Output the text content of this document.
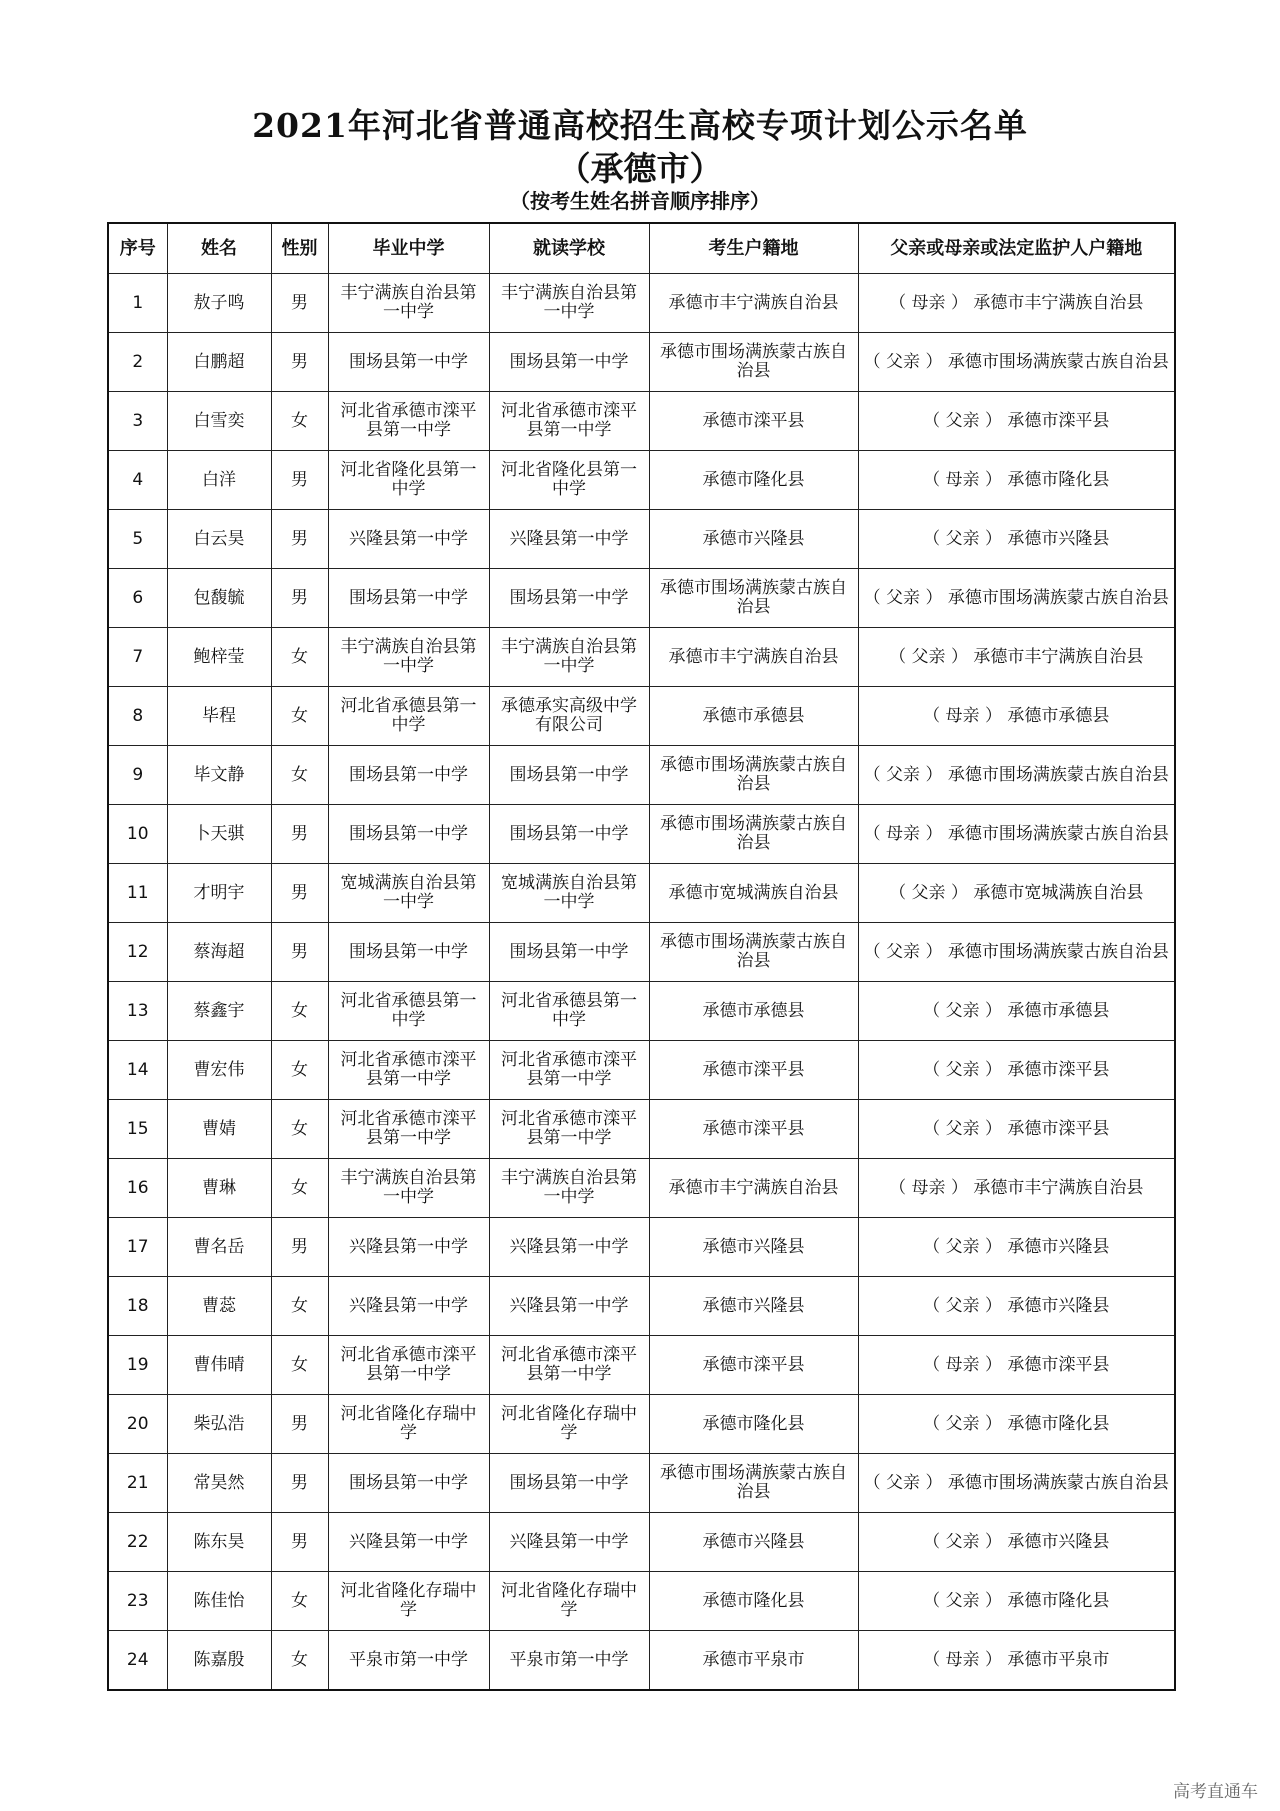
2021年河北省普通高校招生高校专项计划公示名单
（承德市）
（按考生姓名拼音顺序排序）
序号	姓名	性别	毕业中学	就读学校	考生户籍地	父亲或母亲或法定监护人户籍地
1	敖子鸣	男	丰宁满族自治县第一中学	丰宁满族自治县第一中学	承德市丰宁满族自治县	（ 母亲 ） 承德市丰宁满族自治县
2	白鹏超	男	围场县第一中学	围场县第一中学	承德市围场满族蒙古族自治县	（ 父亲 ） 承德市围场满族蒙古族自治县
3	白雪奕	女	河北省承德市滦平县第一中学	河北省承德市滦平县第一中学	承德市滦平县	（ 父亲 ） 承德市滦平县
4	白洋	男	河北省隆化县第一中学	河北省隆化县第一中学	承德市隆化县	（ 母亲 ） 承德市隆化县
5	白云昊	男	兴隆县第一中学	兴隆县第一中学	承德市兴隆县	（ 父亲 ） 承德市兴隆县
6	包馥毓	男	围场县第一中学	围场县第一中学	承德市围场满族蒙古族自治县	（ 父亲 ） 承德市围场满族蒙古族自治县
7	鲍梓莹	女	丰宁满族自治县第一中学	丰宁满族自治县第一中学	承德市丰宁满族自治县	（ 父亲 ） 承德市丰宁满族自治县
8	毕程	女	河北省承德县第一中学	承德承实高级中学有限公司	承德市承德县	（ 母亲 ） 承德市承德县
9	毕文静	女	围场县第一中学	围场县第一中学	承德市围场满族蒙古族自治县	（ 父亲 ） 承德市围场满族蒙古族自治县
10	卜天骐	男	围场县第一中学	围场县第一中学	承德市围场满族蒙古族自治县	（ 母亲 ） 承德市围场满族蒙古族自治县
11	才明宇	男	宽城满族自治县第一中学	宽城满族自治县第一中学	承德市宽城满族自治县	（ 父亲 ） 承德市宽城满族自治县
12	蔡海超	男	围场县第一中学	围场县第一中学	承德市围场满族蒙古族自治县	（ 父亲 ） 承德市围场满族蒙古族自治县
13	蔡鑫宇	女	河北省承德县第一中学	河北省承德县第一中学	承德市承德县	（ 父亲 ） 承德市承德县
14	曹宏伟	女	河北省承德市滦平县第一中学	河北省承德市滦平县第一中学	承德市滦平县	（ 父亲 ） 承德市滦平县
15	曹婧	女	河北省承德市滦平县第一中学	河北省承德市滦平县第一中学	承德市滦平县	（ 父亲 ） 承德市滦平县
16	曹琳	女	丰宁满族自治县第一中学	丰宁满族自治县第一中学	承德市丰宁满族自治县	（ 母亲 ） 承德市丰宁满族自治县
17	曹名岳	男	兴隆县第一中学	兴隆县第一中学	承德市兴隆县	（ 父亲 ） 承德市兴隆县
18	曹蕊	女	兴隆县第一中学	兴隆县第一中学	承德市兴隆县	（ 父亲 ） 承德市兴隆县
19	曹伟晴	女	河北省承德市滦平县第一中学	河北省承德市滦平县第一中学	承德市滦平县	（ 母亲 ） 承德市滦平县
20	柴弘浩	男	河北省隆化存瑞中学	河北省隆化存瑞中学	承德市隆化县	（ 父亲 ） 承德市隆化县
21	常昊然	男	围场县第一中学	围场县第一中学	承德市围场满族蒙古族自治县	（ 父亲 ） 承德市围场满族蒙古族自治县
22	陈东昊	男	兴隆县第一中学	兴隆县第一中学	承德市兴隆县	（ 父亲 ） 承德市兴隆县
23	陈佳怡	女	河北省隆化存瑞中学	河北省隆化存瑞中学	承德市隆化县	（ 父亲 ） 承德市隆化县
24	陈嘉殷	女	平泉市第一中学	平泉市第一中学	承德市平泉市	（ 母亲 ） 承德市平泉市
高考直通车
